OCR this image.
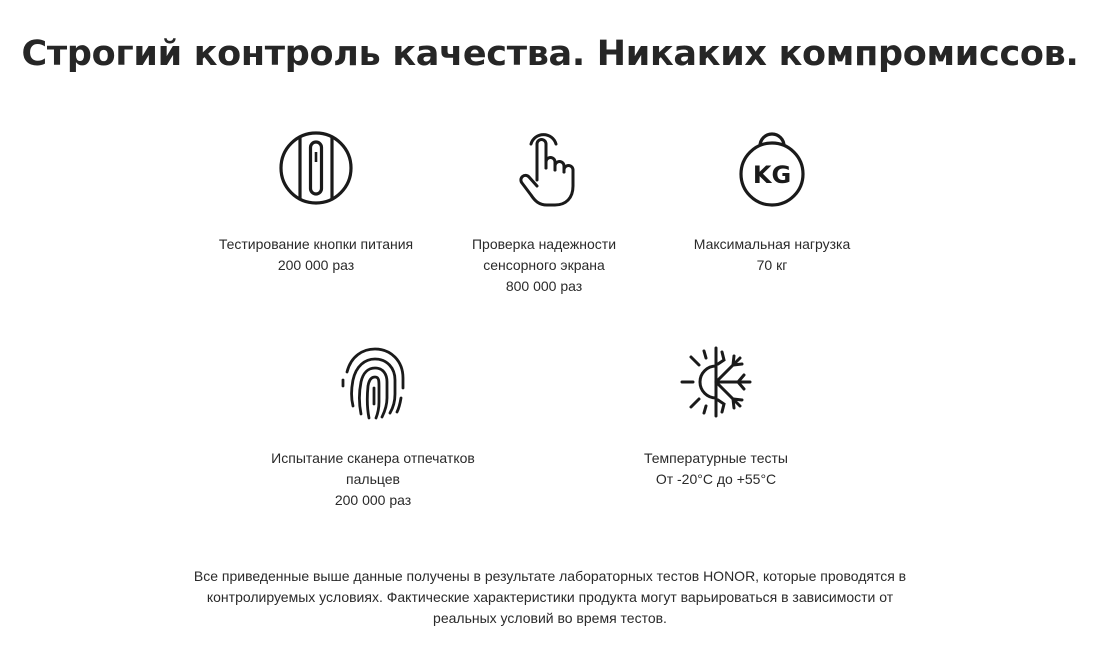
Строгий контроль качества. Никаких компромиссов.
Тестирование кнопки питания
200 000 раз
Проверка надежности
сенсорного экрана
800 000 раз
KG
Максимальная нагрузка
70 кг
Испытание сканера отпечатков
пальцев
200 000 раз
Температурные тесты
От -20°C до +55°C
Все приведенные выше данные получены в результате лабораторных тестов HONOR, которые проводятся в
контролируемых условиях. Фактические характеристики продукта могут варьироваться в зависимости от
реальных условий во время тестов.
